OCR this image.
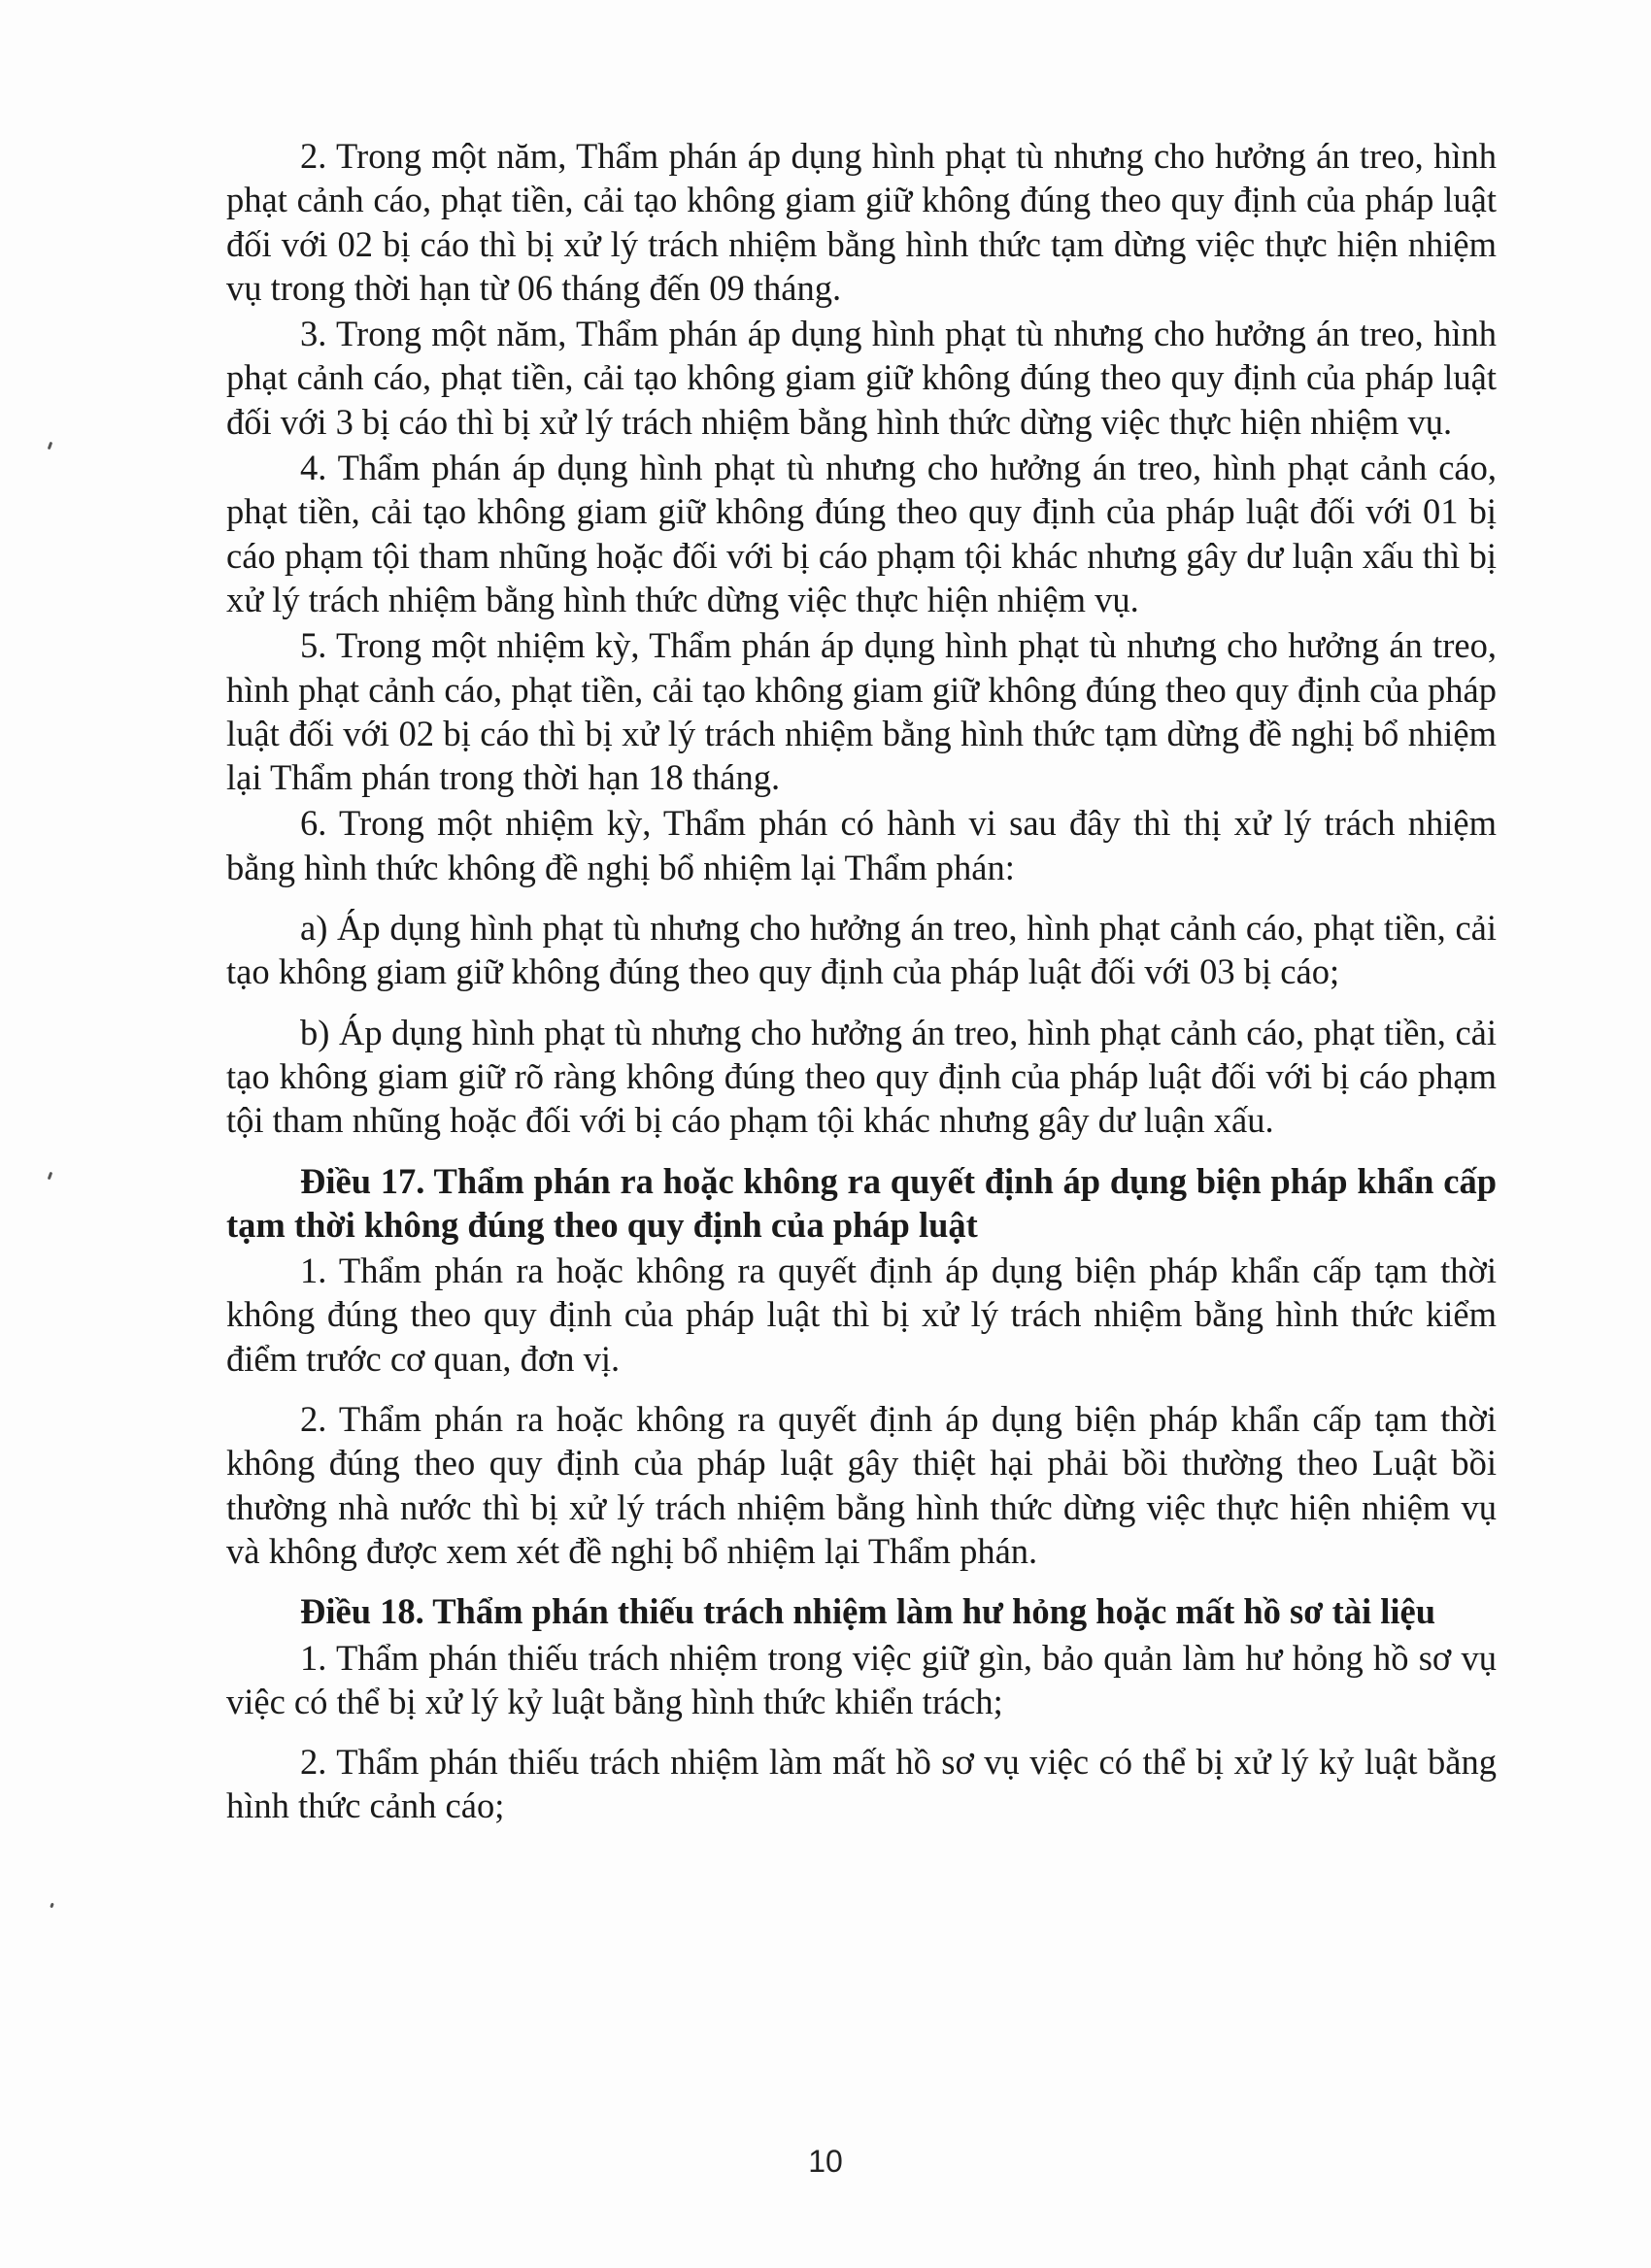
2. Trong một năm, Thẩm phán áp dụng hình phạt tù nhưng cho hưởng án treo, hình phạt cảnh cáo, phạt tiền, cải tạo không giam giữ không đúng theo quy định của pháp luật đối với 02 bị cáo thì bị xử lý trách nhiệm bằng hình thức tạm dừng việc thực hiện nhiệm vụ trong thời hạn từ 06 tháng đến 09 tháng.

3. Trong một năm, Thẩm phán áp dụng hình phạt tù nhưng cho hưởng án treo, hình phạt cảnh cáo, phạt tiền, cải tạo không giam giữ không đúng theo quy định của pháp luật đối với 3 bị cáo thì bị xử lý trách nhiệm bằng hình thức dừng việc thực hiện nhiệm vụ.

4. Thẩm phán áp dụng hình phạt tù nhưng cho hưởng án treo, hình phạt cảnh cáo, phạt tiền, cải tạo không giam giữ không đúng theo quy định của pháp luật đối với 01 bị cáo phạm tội tham nhũng hoặc đối với bị cáo phạm tội khác nhưng gây dư luận xấu thì bị xử lý trách nhiệm bằng hình thức dừng việc thực hiện nhiệm vụ.

5. Trong một nhiệm kỳ, Thẩm phán áp dụng hình phạt tù nhưng cho hưởng án treo, hình phạt cảnh cáo, phạt tiền, cải tạo không giam giữ không đúng theo quy định của pháp luật đối với 02 bị cáo thì bị xử lý trách nhiệm bằng hình thức tạm dừng đề nghị bổ nhiệm lại Thẩm phán trong thời hạn 18 tháng.

6. Trong một nhiệm kỳ, Thẩm phán có hành vi sau đây thì thị xử lý trách nhiệm bằng hình thức không đề nghị bổ nhiệm lại Thẩm phán:

a) Áp dụng hình phạt tù nhưng cho hưởng án treo, hình phạt cảnh cáo, phạt tiền, cải tạo không giam giữ không đúng theo quy định của pháp luật đối với 03 bị cáo;

b) Áp dụng hình phạt tù nhưng cho hưởng án treo, hình phạt cảnh cáo, phạt tiền, cải tạo không giam giữ rõ ràng không đúng theo quy định của pháp luật đối với bị cáo phạm tội tham nhũng hoặc đối với bị cáo phạm tội khác nhưng gây dư luận xấu.

Điều 17. Thẩm phán ra hoặc không ra quyết định áp dụng biện pháp khẩn cấp tạm thời không đúng theo quy định của pháp luật

1. Thẩm phán ra hoặc không ra quyết định áp dụng biện pháp khẩn cấp tạm thời không đúng theo quy định của pháp luật thì bị xử lý trách nhiệm bằng hình thức kiểm điểm trước cơ quan, đơn vị.

2. Thẩm phán ra hoặc không ra quyết định áp dụng biện pháp khẩn cấp tạm thời không đúng theo quy định của pháp luật gây thiệt hại phải bồi thường theo Luật bồi thường nhà nước thì bị xử lý trách nhiệm bằng hình thức dừng việc thực hiện nhiệm vụ và không được xem xét đề nghị bổ nhiệm lại Thẩm phán.

Điều 18. Thẩm phán thiếu trách nhiệm làm hư hỏng hoặc mất hồ sơ tài liệu

1. Thẩm phán thiếu trách nhiệm trong việc giữ gìn, bảo quản làm hư hỏng hồ sơ vụ việc có thể bị xử lý kỷ luật bằng hình thức khiển trách;

2. Thẩm phán thiếu trách nhiệm làm mất hồ sơ vụ việc có thể bị xử lý kỷ luật bằng hình thức cảnh cáo;

10
